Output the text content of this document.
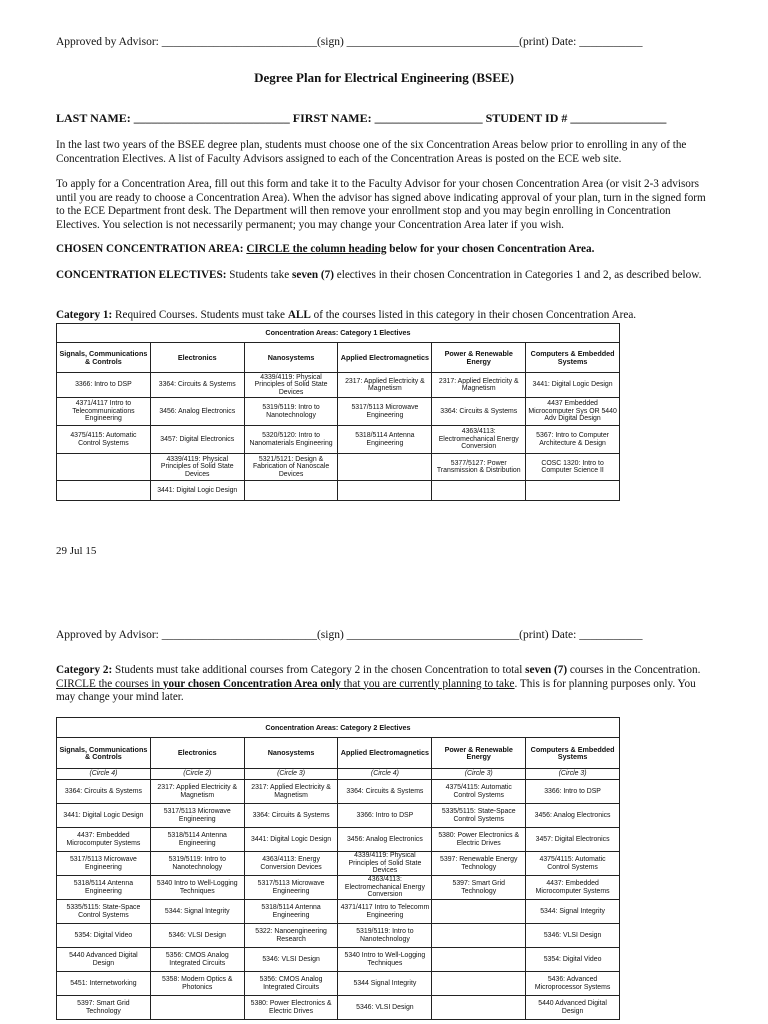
Approved by Advisor: ___________________________(sign) ______________________________(print) Date: ___________
Degree Plan for Electrical Engineering (BSEE)
LAST NAME: __________________________ FIRST NAME: __________________ STUDENT ID # ________________

In the last two years of the BSEE degree plan, students must choose one of the six Concentration Areas below prior to enrolling in any of the Concentration Electives. A list of Faculty Advisors assigned to each of the Concentration Areas is posted on the ECE web site.

To apply for a Concentration Area, fill out this form and take it to the Faculty Advisor for your chosen Concentration Area (or visit 2-3 advisors until you are ready to choose a Concentration Area). When the advisor has signed above indicating approval of your plan, turn in the signed form to the ECE Department front desk. The Department will then remove your enrollment stop and you may begin enrolling in Concentration Electives. You selection is not necessarily permanent; you may change your Concentration Area later if you wish.

CHOSEN CONCENTRATION AREA: CIRCLE the column heading below for your chosen Concentration Area.

CONCENTRATION ELECTIVES: Students take seven (7) electives in their chosen Concentration in Categories 1 and 2, as described below.

Category 1: Required Courses. Students must take ALL of the courses listed in this category in their chosen Concentration Area.

Concentration Areas: Category 1 Electives					
Signals, Communications & Controls	Electronics	Nanosystems	Applied Electromagnetics	Power & Renewable Energy	Computers & Embedded Systems
3366: Intro to DSP	3364: Circuits & Systems	4339/4119: Physical Principles of Solid State Devices	2317: Applied Electricity & Magnetism	2317: Applied Electricity & Magnetism	3441: Digital Logic Design
4371/4117 Intro to Telecommunications Engineering	3456: Analog Electronics	5319/5119: Intro to Nanotechnology	5317/5113 Microwave Engineering	3364: Circuits & Systems	4437 Embedded Microcomputer Sys OR 5440 Adv Digital Design
4375/4115: Automatic Control Systems	3457: Digital Electronics	5320/5120: Intro to Nanomaterials Engineering	5318/5114 Antenna Engineering	4363/4113: Electromechanical Energy Conversion	5367: Intro to Computer Architecture & Design
	4339/4119: Physical Principles of Solid State Devices	5321/5121: Design & Fabrication of Nanoscale Devices		5377/5127: Power Transmission & Distribution	COSC 1320: Intro to Computer Science II
	3441: Digital Logic Design				
29 Jul 15
Approved by Advisor: ___________________________(sign) ______________________________(print) Date: ___________

Category 2: Students must take additional courses from Category 2 in the chosen Concentration to total seven (7) courses in the Concentration. CIRCLE the courses in your chosen Concentration Area only that you are currently planning to take. This is for planning purposes only. You may change your mind later.

Concentration Areas: Category 2 Electives					
Signals, Communications & Controls	Electronics	Nanosystems	Applied Electromagnetics	Power & Renewable Energy	Computers & Embedded Systems
(Circle 4)	(Circle 2)	(Circle 3)	(Circle 4)	(Circle 3)	(Circle 3)
3364: Circuits & Systems	2317: Applied Electricity & Magnetism	2317: Applied Electricity & Magnetism	3364: Circuits & Systems	4375/4115: Automatic Control Systems	3366: Intro to DSP
3441: Digital Logic Design	5317/5113 Microwave Engineering	3364: Circuits & Systems	3366: Intro to DSP	5335/5115: State-Space Control Systems	3456: Analog Electronics
4437: Embedded Microcomputer Systems	5318/5114 Antenna Engineering	3441: Digital Logic Design	3456: Analog Electronics	5380: Power Electronics & Electric Drives	3457: Digital Electronics
5317/5113 Microwave Engineering	5319/5119: Intro to Nanotechnology	4363/4113: Energy Conversion Devices	4339/4119: Physical Principles of Solid State Devices	5397: Renewable Energy Technology	4375/4115: Automatic Control Systems
5318/5114 Antenna Engineering	5340 Intro to Well-Logging Techniques	5317/5113 Microwave Engineering	4363/4113: Electromechanical Energy Conversion	5397: Smart Grid Technology	4437: Embedded Microcomputer Systems
5335/5115: State-Space Control Systems	5344: Signal Integrity	5318/5114 Antenna Engineering	4371/4117 Intro to Telecomm Engineering		5344: Signal Integrity
5354: Digital Video	5346: VLSI Design	5322: Nanoengineering Research	5319/5119: Intro to Nanotechnology		5346: VLSI Design
5440 Advanced Digital Design	5356: CMOS Analog Integrated Circuits	5346: VLSI Design	5340 Intro to Well-Logging Techniques		5354: Digital Video
5451: Internetworking	5358: Modern Optics & Photonics	5356: CMOS Analog Integrated Circuits	5344 Signal Integrity		5436: Advanced Microprocessor Systems
5397: Smart Grid Technology		5380: Power Electronics & Electric Drives	5346: VLSI Design		5440 Advanced Digital Design
